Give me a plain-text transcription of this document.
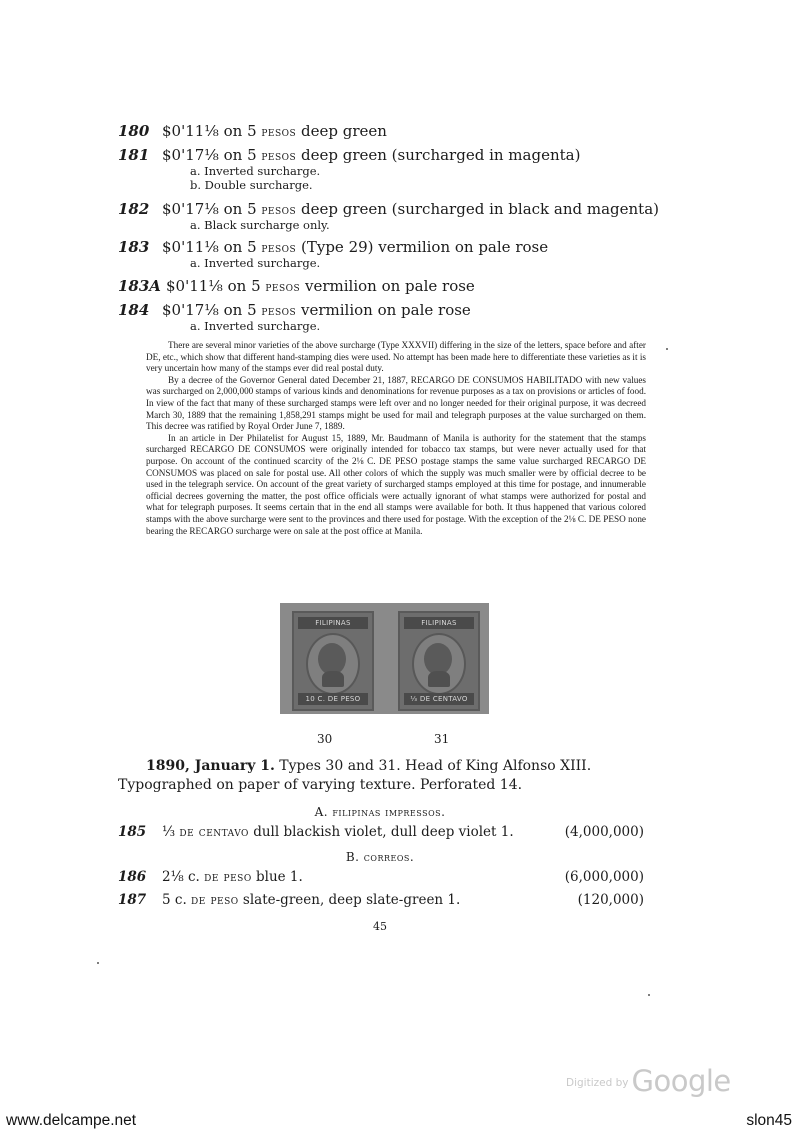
180 $0'11⅛ on 5 pesos deep green
181 $0'17⅛ on 5 pesos deep green (surcharged in magenta)
a. Inverted surcharge.
b. Double surcharge.
182 $0'17⅛ on 5 pesos deep green (surcharged in black and magenta)
a. Black surcharge only.
183 $0'11⅛ on 5 pesos (Type 29) vermilion on pale rose
a. Inverted surcharge.
183A $0'11⅛ on 5 pesos vermilion on pale rose
184 $0'17⅛ on 5 pesos vermilion on pale rose
a. Inverted surcharge.

There are several minor varieties of the above surcharge (Type XXXVII) differing in the size of the letters, space before and after DE, etc., which show that different hand-stamping dies were used. No attempt has been made here to differentiate these varieties as it is very uncertain how many of the stamps ever did real postal duty.

By a decree of the Governor General dated December 21, 1887, RECARGO DE CONSUMOS HABILITADO with new values was surcharged on 2,000,000 stamps of various kinds and denominations for revenue purposes as a tax on provisions or articles of food. In view of the fact that many of these surcharged stamps were left over and no longer needed for their original purpose, it was decreed March 30, 1889 that the remaining 1,858,291 stamps might be used for mail and telegraph purposes at the value surcharged on them. This decree was ratified by Royal Order June 7, 1889.

In an article in Der Philatelist for August 15, 1889, Mr. Baudmann of Manila is authority for the statement that the stamps surcharged RECARGO DE CONSUMOS were originally intended for tobacco tax stamps, but were never actually used for that purpose. On account of the continued scarcity of the 2⅛ C. DE PESO postage stamps the same value surcharged RECARGO DE CONSUMOS was placed on sale for postal use. All other colors of which the supply was much smaller were by official decree to be used in the telegraph service. On account of the great variety of surcharged stamps employed at this time for postage, and innumerable official decrees governing the matter, the post office officials were actually ignorant of what stamps were authorized for postal and what for telegraph purposes. It seems certain that in the end all stamps were available for both. It thus happened that various colored stamps with the above surcharge were sent to the provinces and there used for postage. With the exception of the 2⅛ C. DE PESO none bearing the RECARGO surcharge were on sale at the post office at Manila.

FILIPINAS
10 C. DE PESO
FILIPINAS
⅓ DE CENTAVO
30	31
1890, January 1. Types 30 and 31. Head of King Alfonso XIII. Typographed on paper of varying texture. Perforated 14.
A. filipinas impressos.
185 ⅓ de centavo dull blackish violet, dull deep violet 1.	(4,000,000)
B. correos.
186 2⅛ c. de peso blue 1.	(6,000,000)
187 5 c. de peso slate-green, deep slate-green 1.	(120,000)
45
$^{Digitized by}$ Google
www.delcampe.net	slon45
